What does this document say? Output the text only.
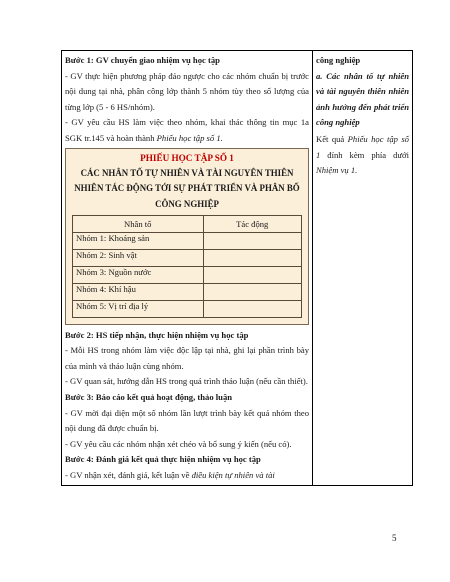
Bước 1: GV chuyển giao nhiệm vụ học tập

- GV thực hiện phương pháp đảo ngược cho các nhóm chuẩn bị trước nội dung tại nhà, phân công lớp thành 5 nhóm tùy theo số lượng của từng lớp (5 - 6 HS/nhóm).

- GV yêu cầu HS làm việc theo nhóm, khai thác thông tin mục 1a SGK tr.145 và hoàn thành Phiếu học tập số 1.

PHIẾU HỌC TẬP SỐ 1
CÁC NHÂN TỐ TỰ NHIÊN VÀ TÀI NGUYÊN THIÊN NHIÊN TÁC ĐỘNG TỚI SỰ PHÁT TRIỂN VÀ PHÂN BỐ CÔNG NGHIỆP
Nhân tố	Tác động
Nhóm 1: Khoáng sản	
Nhóm 2: Sinh vật	
Nhóm 3: Nguồn nước	
Nhóm 4: Khí hậu	
Nhóm 5: Vị trí địa lý	

Bước 2: HS tiếp nhận, thực hiện nhiệm vụ học tập

- Mỗi HS trong nhóm làm việc độc lập tại nhà, ghi lại phần trình bày của mình và thảo luận cùng nhóm.

- GV quan sát, hướng dẫn HS trong quá trình thảo luận (nếu cần thiết).

Bước 3: Báo cáo kết quả hoạt động, thảo luận

- GV mời đại diện một số nhóm lần lượt trình bày kết quả nhóm theo nội dung đã được chuẩn bị.

- GV yêu cầu các nhóm nhận xét chéo và bổ sung ý kiến (nếu có).

Bước 4: Đánh giá kết quả thực hiện nhiệm vụ học tập

- GV nhận xét, đánh giá, kết luận về điều kiện tự nhiên và tài

công nghiệp

a. Các nhân tố tự nhiên và tài nguyên thiên nhiên ảnh hưởng đến phát triển công nghiệp

Kết quả Phiếu học tập số 1 đính kèm phía dưới Nhiệm vụ 1.

5
